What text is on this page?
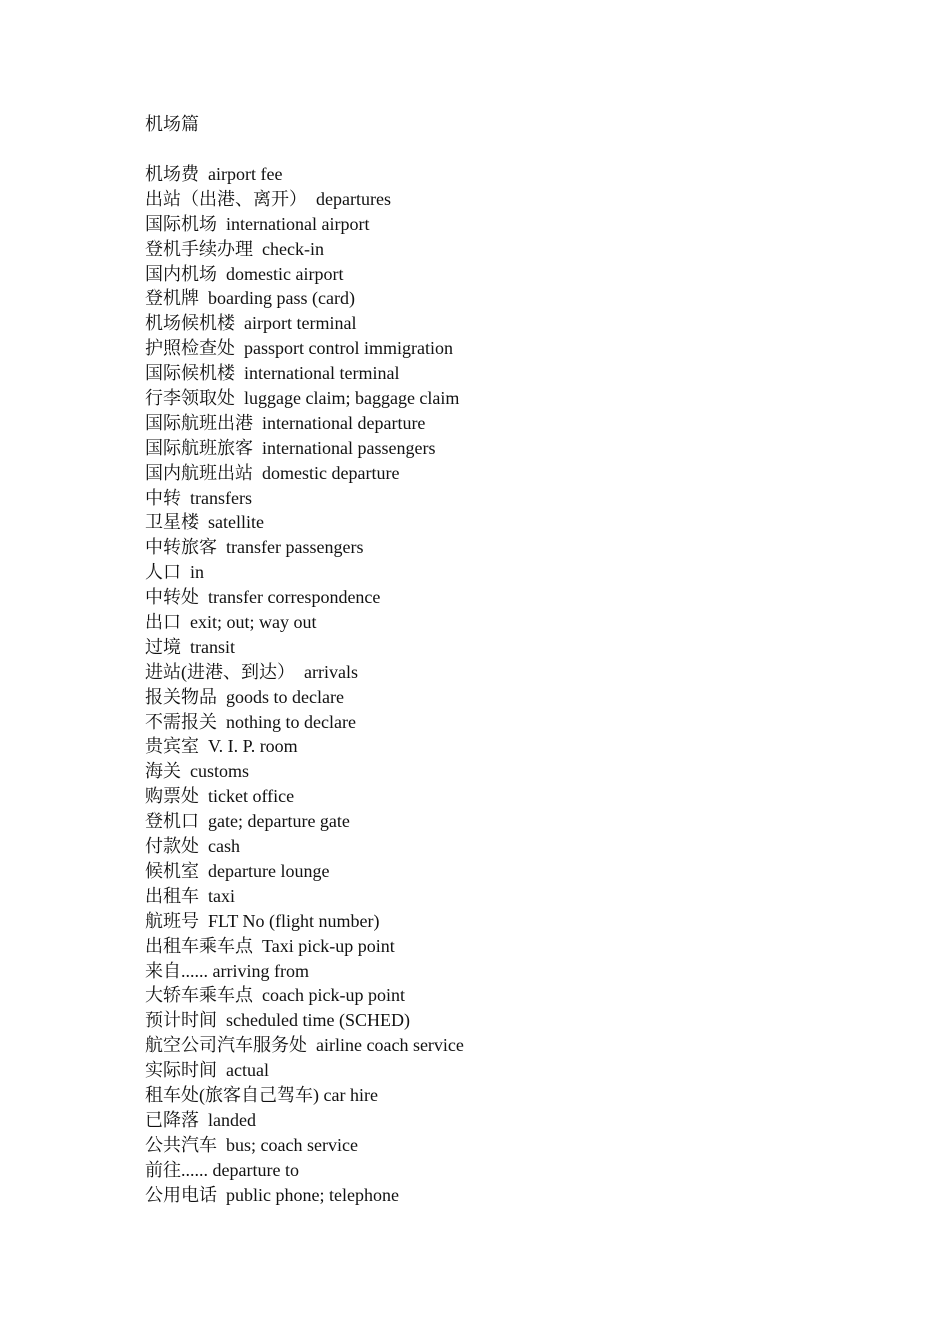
机场篇
机场费  airport fee
出站（出港、离开）  departures
国际机场  international airport
登机手续办理  check-in
国内机场  domestic airport
登机牌  boarding pass (card)
机场候机楼  airport terminal
护照检查处  passport control immigration
国际候机楼  international terminal
行李领取处  luggage claim; baggage claim
国际航班出港  international departure
国际航班旅客  international passengers
国内航班出站  domestic departure
中转  transfers
卫星楼  satellite
中转旅客  transfer passengers
人口  in
中转处  transfer correspondence
出口  exit; out; way out
过境  transit
进站(进港、到达）  arrivals
报关物品  goods to declare
不需报关  nothing to declare
贵宾室  V. I. P. room
海关  customs
购票处  ticket office
登机口  gate; departure gate
付款处  cash
候机室  departure lounge
出租车  taxi
航班号  FLT No (flight number)
出租车乘车点  Taxi pick-up point
来自...... arriving from
大轿车乘车点  coach pick-up point
预计时间  scheduled time (SCHED)
航空公司汽车服务处  airline coach service
实际时间  actual
租车处(旅客自己驾车) car hire
已降落  landed
公共汽车  bus; coach service
前往...... departure to
公用电话  public phone; telephone
